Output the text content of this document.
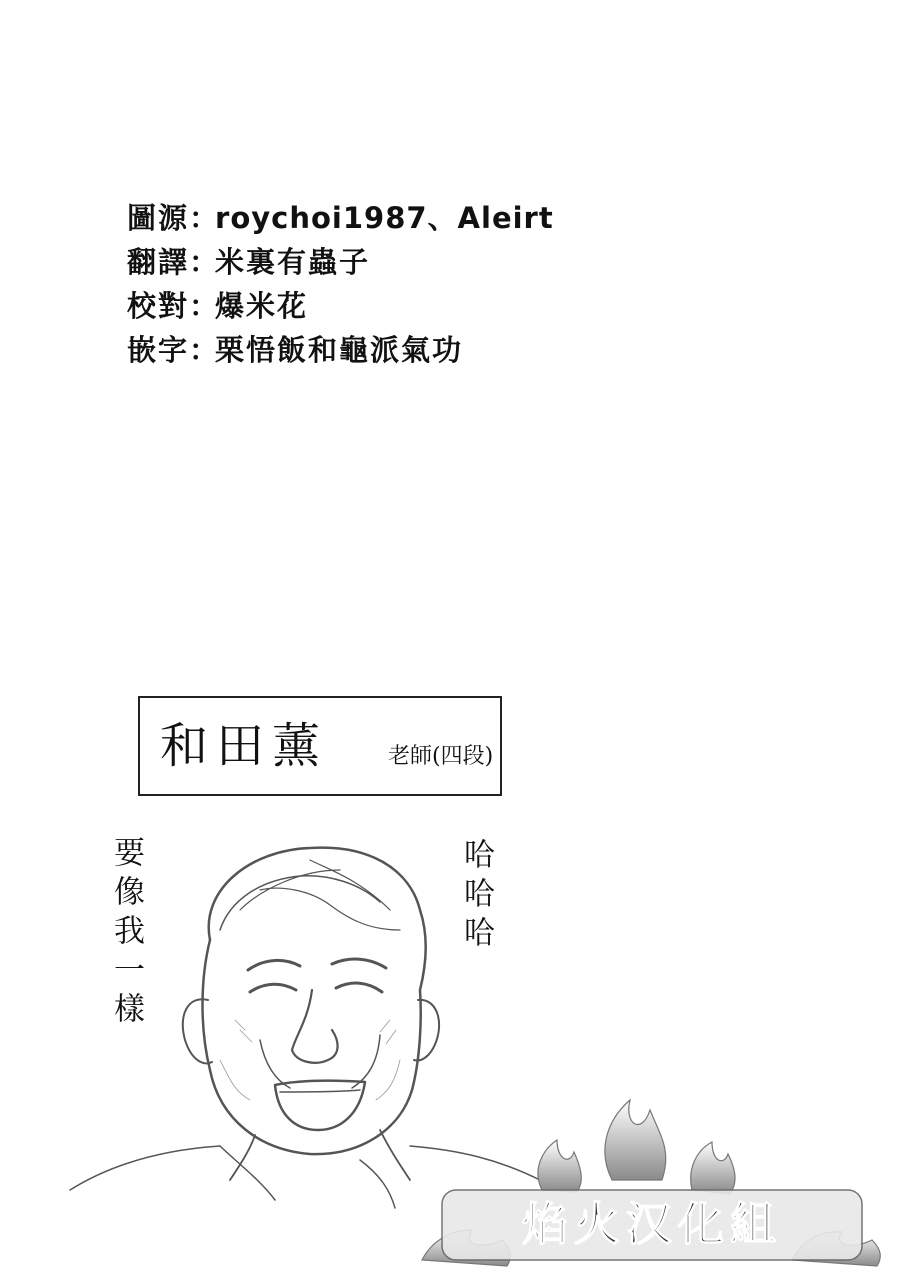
圖源：roychoi1987、Aleirt
翻譯：米裏有蟲子
校對：爆米花
嵌字：栗悟飯和龜派氣功
和田薰	老師(四段)
要像我一樣	哈哈哈
焰火汉化組
